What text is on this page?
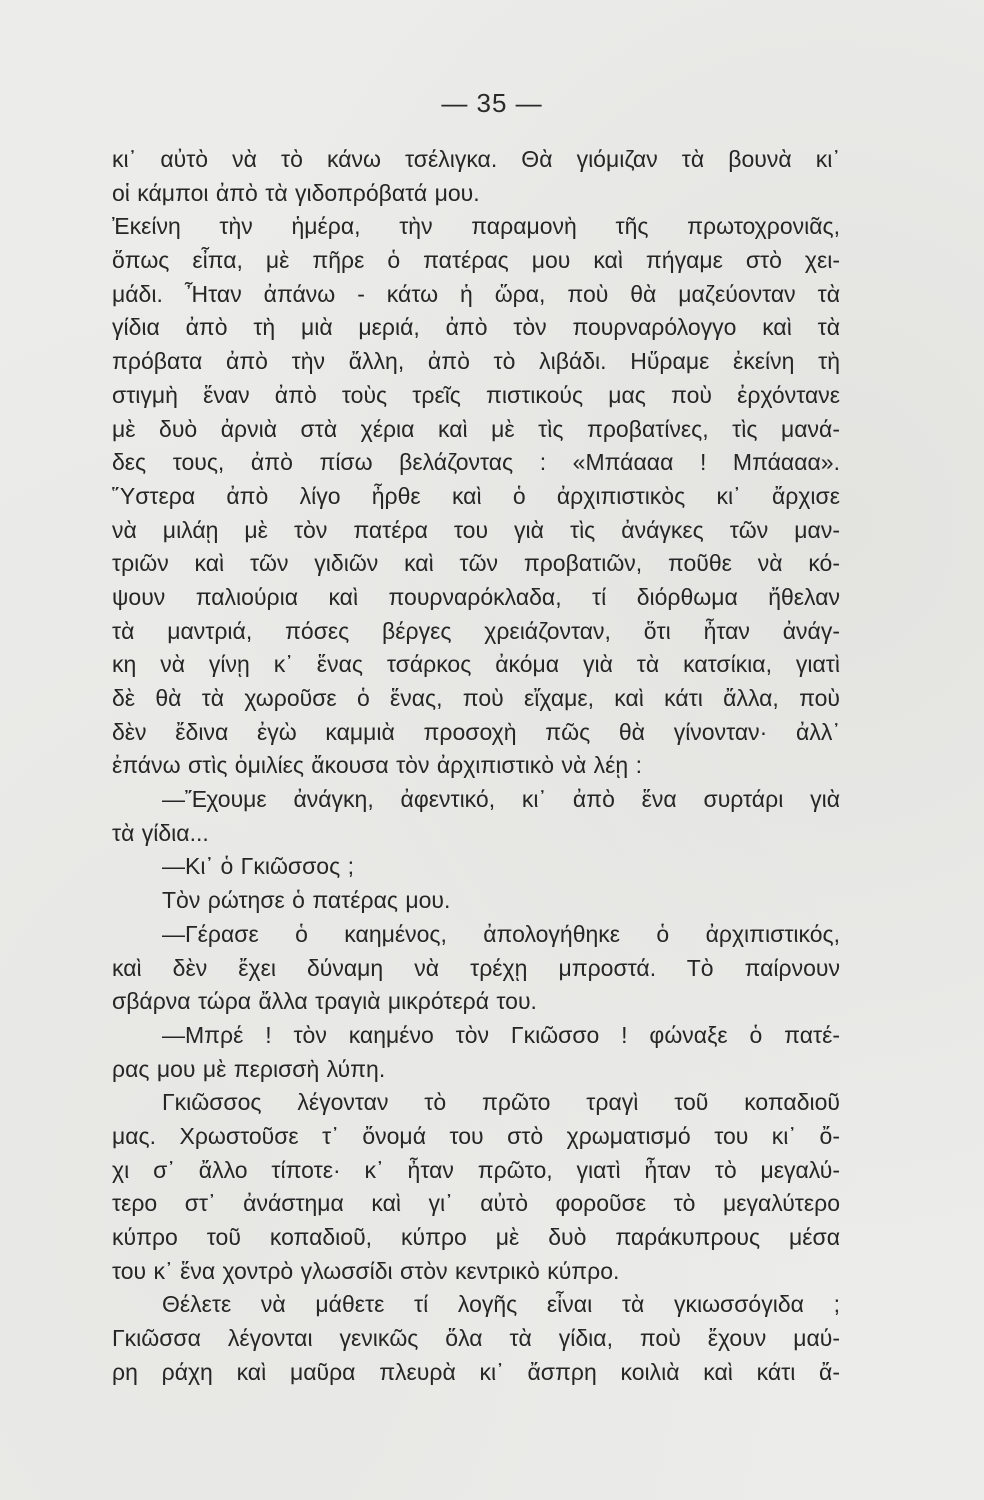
— 35 —
κι᾽ αὐτὸ νὰ τὸ κάνω τσέλιγκα. Θὰ γιόμιζαν τὰ βουνὰ κι᾽
οἱ κάμποι ἀπὸ τὰ γιδοπρόβατά μου.
Ἐκείνη τὴν ἡμέρα, τὴν παραμονὴ τῆς πρωτοχρονιᾶς,
ὅπως εἶπα, μὲ πῆρε ὁ πατέρας μου καὶ πήγαμε στὸ χει-
μάδι. Ἦταν ἀπάνω - κάτω ἡ ὥρα, ποὺ θὰ μαζεύονταν τὰ
γίδια ἀπὸ τὴ μιὰ μεριά, ἀπὸ τὸν πουρναρόλογγο καὶ τὰ
πρόβατα ἀπὸ τὴν ἄλλη, ἀπὸ τὸ λιβάδι. Ηὕραμε ἐκείνη τὴ
στιγμὴ ἕναν ἀπὸ τοὺς τρεῖς πιστικούς μας ποὺ ἐρχόντανε
μὲ δυὸ ἀρνιὰ στὰ χέρια καὶ μὲ τὶς προβατίνες, τὶς μανά-
δες τους, ἀπὸ πίσω βελάζοντας : «Μπάααα ! Μπάααα».
Ὕστερα ἀπὸ λίγο ἦρθε καὶ ὁ ἀρχιπιστικὸς κι᾽ ἄρχισε
νὰ μιλάῃ μὲ τὸν πατέρα του γιὰ τὶς ἀνάγκες τῶν μαν-
τριῶν καὶ τῶν γιδιῶν καὶ τῶν προβατιῶν, ποῦθε νὰ κό-
ψουν παλιούρια καὶ πουρναρόκλαδα, τί διόρθωμα ἤθελαν
τὰ μαντριά, πόσες βέργες χρειάζονταν, ὅτι ἦταν ἀνάγ-
κη νὰ γίνῃ κ᾽ ἕνας τσάρκος ἀκόμα γιὰ τὰ κατσίκια, γιατὶ
δὲ θὰ τὰ χωροῦσε ὁ ἕνας, ποὺ εἴχαμε, καὶ κάτι ἄλλα, ποὺ
δὲν ἔδινα ἐγὼ καμμιὰ προσοχὴ πῶς θὰ γίνονταν· ἀλλ᾽
ἐπάνω στὶς ὁμιλίες ἄκουσα τὸν ἀρχιπιστικὸ νὰ λέῃ :
—Ἔχουμε ἀνάγκη, ἀφεντικό, κι᾽ ἀπὸ ἕνα συρτάρι γιὰ
τὰ γίδια...
—Κι᾽ ὁ Γκιῶσσος ;
Τὸν ρώτησε ὁ πατέρας μου.
—Γέρασε ὁ καημένος, ἀπολογήθηκε ὁ ἀρχιπιστικός,
καὶ δὲν ἔχει δύναμη νὰ τρέχῃ μπροστά. Τὸ παίρνουν
σβάρνα τώρα ἄλλα τραγιὰ μικρότερά του.
—Μπρέ ! τὸν καημένο τὸν Γκιῶσσο ! φώναξε ὁ πατέ-
ρας μου μὲ περισσὴ λύπη.
Γκιῶσσος λέγονταν τὸ πρῶτο τραγὶ τοῦ κοπαδιοῦ
μας. Χρωστοῦσε τ᾽ ὄνομά του στὸ χρωματισμό του κι᾽ ὄ-
χι σ᾽ ἄλλο τίποτε· κ᾽ ἦταν πρῶτο, γιατὶ ἦταν τὸ μεγαλύ-
τερο στ᾽ ἀνάστημα καὶ γι᾽ αὐτὸ φοροῦσε τὸ μεγαλύτερο
κύπρο τοῦ κοπαδιοῦ, κύπρο μὲ δυὸ παράκυπρους μέσα
του κ᾽ ἕνα χοντρὸ γλωσσίδι στὸν κεντρικὸ κύπρο.
Θέλετε νὰ μάθετε τί λογῆς εἶναι τὰ γκιωσσόγιδα ;
Γκιῶσσα λέγονται γενικῶς ὅλα τὰ γίδια, ποὺ ἔχουν μαύ-
ρη ράχη καὶ μαῦρα πλευρὰ κι᾽ ἄσπρη κοιλιὰ καὶ κάτι ἄ-
